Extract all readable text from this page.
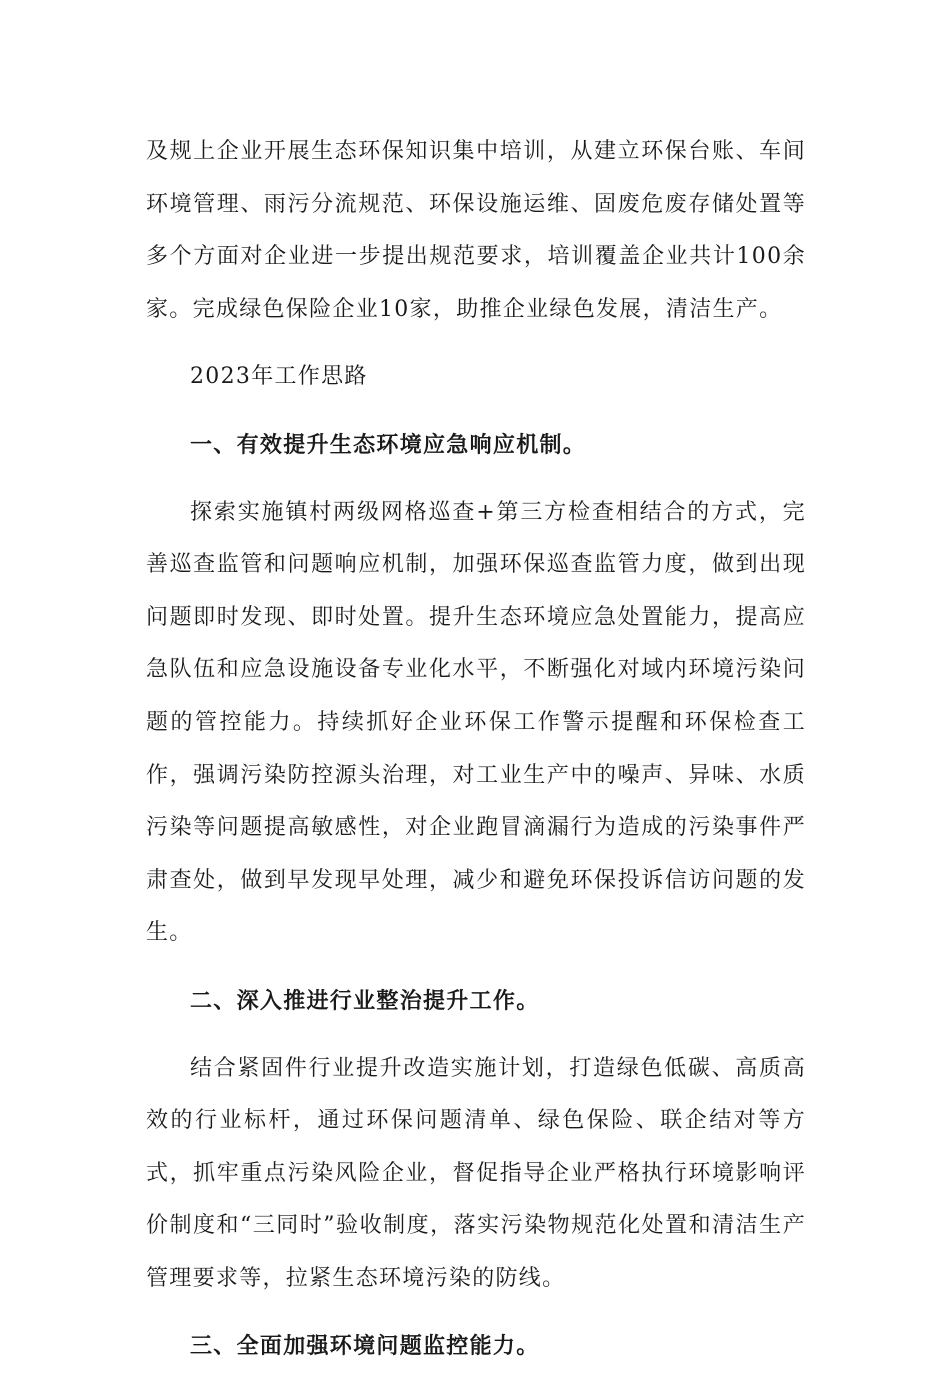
及规上企业开展生态环保知识集中培训，从建立环保台账、车间环境管理、雨污分流规范、环保设施运维、固废危废存储处置等多个方面对企业进一步提出规范要求，培训覆盖企业共计100余家。完成绿色保险企业10家，助推企业绿色发展，清洁生产。

2023年工作思路

一、有效提升生态环境应急响应机制。

探索实施镇村两级网格巡查+第三方检查相结合的方式，完善巡查监管和问题响应机制，加强环保巡查监管力度，做到出现问题即时发现、即时处置。提升生态环境应急处置能力，提高应急队伍和应急设施设备专业化水平，不断强化对域内环境污染问题的管控能力。持续抓好企业环保工作警示提醒和环保检查工作，强调污染防控源头治理，对工业生产中的噪声、异味、水质污染等问题提高敏感性，对企业跑冒滴漏行为造成的污染事件严肃查处，做到早发现早处理，减少和避免环保投诉信访问题的发生。

二、深入推进行业整治提升工作。

结合紧固件行业提升改造实施计划，打造绿色低碳、高质高效的行业标杆，通过环保问题清单、绿色保险、联企结对等方式，抓牢重点污染风险企业，督促指导企业严格执行环境影响评价制度和“三同时”验收制度，落实污染物规范化处置和清洁生产管理要求等，拉紧生态环境污染的防线。

三、全面加强环境问题监控能力。
